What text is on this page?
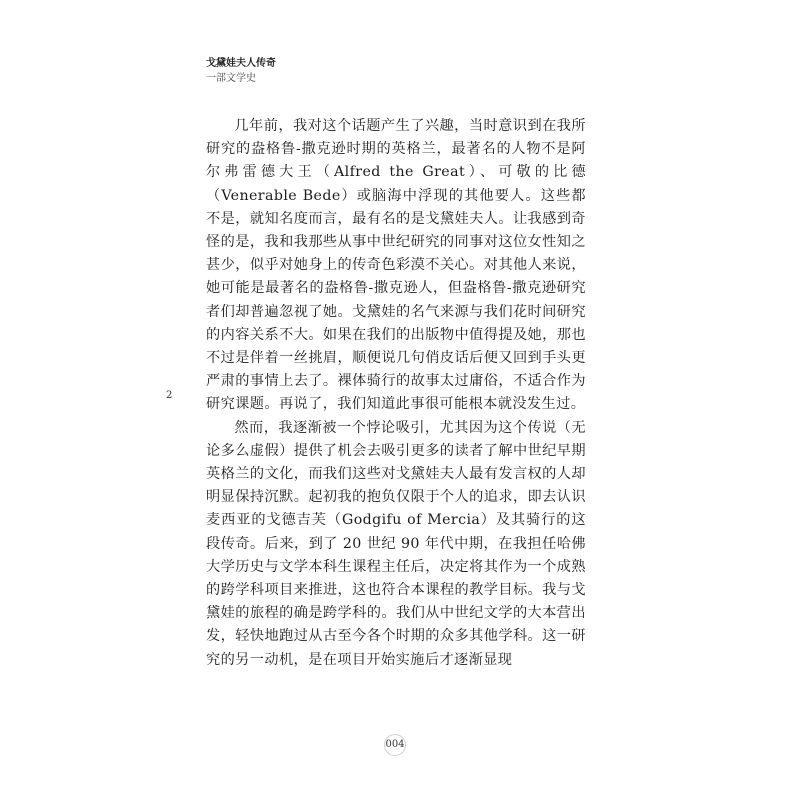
戈黛娃夫人传奇
一部文学史

几年前，我对这个话题产生了兴趣，当时意识到在我所研究的盎格鲁-撒克逊时期的英格兰，最著名的人物不是阿尔弗雷德大王（Alfred the Great）、可敬的比德（Venerable Bede）或脑海中浮现的其他要人。这些都不是，就知名度而言，最有名的是戈黛娃夫人。让我感到奇怪的是，我和我那些从事中世纪研究的同事对这位女性知之甚少，似乎对她身上的传奇色彩漠不关心。对其他人来说，她可能是最著名的盎格鲁-撒克逊人，但盎格鲁-撒克逊研究者们却普遍忽视了她。戈黛娃的名气来源与我们花时间研究的内容关系不大。如果在我们的出版物中值得提及她，那也不过是伴着一丝挑眉，顺便说几句俏皮话后便又回到手头更严肃的事情上去了。裸体骑行的故事太过庸俗，不适合作为研究课题。再说了，我们知道此事很可能根本就没发生过。

然而，我逐渐被一个悖论吸引，尤其因为这个传说（无论多么虚假）提供了机会去吸引更多的读者了解中世纪早期英格兰的文化，而我们这些对戈黛娃夫人最有发言权的人却明显保持沉默。起初我的抱负仅限于个人的追求，即去认识麦西亚的戈德吉芙（Godgifu of Mercia）及其骑行的这段传奇。后来，到了 20 世纪 90 年代中期，在我担任哈佛大学历史与文学本科生课程主任后，决定将其作为一个成熟的跨学科项目来推进，这也符合本课程的教学目标。我与戈黛娃的旅程的确是跨学科的。我们从中世纪文学的大本营出发，轻快地跑过从古至今各个时期的众多其他学科。这一研究的另一动机，是在项目开始实施后才逐渐显现

2
004
